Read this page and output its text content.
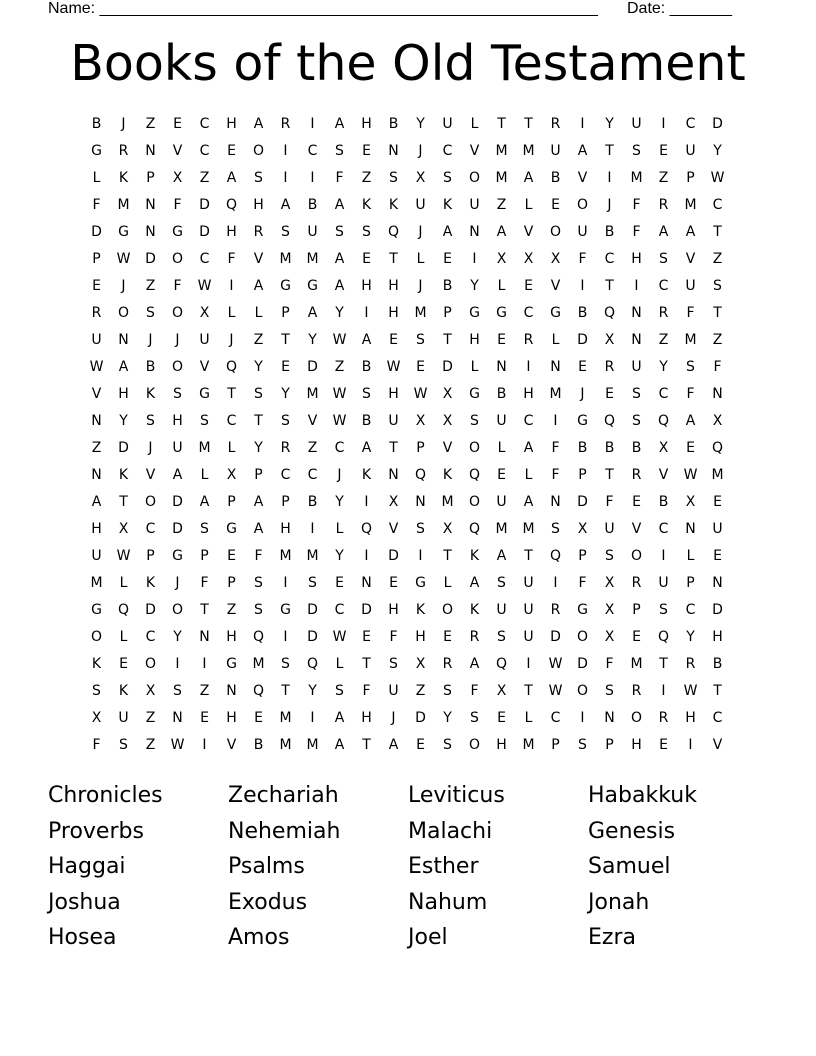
Name: ________________________________________________________

Date: _______

Books of the Old Testament
B	J	Z	E	C	H	A	R	I	A	H	B	Y	U	L	T	T	R	I	Y	U	I	C	D
G	R	N	V	C	E	O	I	C	S	E	N	J	C	V	M	M	U	A	T	S	E	U	Y
L	K	P	X	Z	A	S	I	I	F	Z	S	X	S	O	M	A	B	V	I	M	Z	P	W
F	M	N	F	D	Q	H	A	B	A	K	K	U	K	U	Z	L	E	O	J	F	R	M	C
D	G	N	G	D	H	R	S	U	S	S	Q	J	A	N	A	V	O	U	B	F	A	A	T
P	W	D	O	C	F	V	M	M	A	E	T	L	E	I	X	X	X	F	C	H	S	V	Z
E	J	Z	F	W	I	A	G	G	A	H	H	J	B	Y	L	E	V	I	T	I	C	U	S
R	O	S	O	X	L	L	P	A	Y	I	H	M	P	G	G	C	G	B	Q	N	R	F	T
U	N	J	J	U	J	Z	T	Y	W	A	E	S	T	H	E	R	L	D	X	N	Z	M	Z
W	A	B	O	V	Q	Y	E	D	Z	B	W	E	D	L	N	I	N	E	R	U	Y	S	F
V	H	K	S	G	T	S	Y	M	W	S	H	W	X	G	B	H	M	J	E	S	C	F	N
N	Y	S	H	S	C	T	S	V	W	B	U	X	X	S	U	C	I	G	Q	S	Q	A	X
Z	D	J	U	M	L	Y	R	Z	C	A	T	P	V	O	L	A	F	B	B	B	X	E	Q
N	K	V	A	L	X	P	C	C	J	K	N	Q	K	Q	E	L	F	P	T	R	V	W	M
A	T	O	D	A	P	A	P	B	Y	I	X	N	M	O	U	A	N	D	F	E	B	X	E
H	X	C	D	S	G	A	H	I	L	Q	V	S	X	Q	M	M	S	X	U	V	C	N	U
U	W	P	G	P	E	F	M	M	Y	I	D	I	T	K	A	T	Q	P	S	O	I	L	E
M	L	K	J	F	P	S	I	S	E	N	E	G	L	A	S	U	I	F	X	R	U	P	N
G	Q	D	O	T	Z	S	G	D	C	D	H	K	O	K	U	U	R	G	X	P	S	C	D
O	L	C	Y	N	H	Q	I	D	W	E	F	H	E	R	S	U	D	O	X	E	Q	Y	H
K	E	O	I	I	G	M	S	Q	L	T	S	X	R	A	Q	I	W	D	F	M	T	R	B
S	K	X	S	Z	N	Q	T	Y	S	F	U	Z	S	F	X	T	W	O	S	R	I	W	T
X	U	Z	N	E	H	E	M	I	A	H	J	D	Y	S	E	L	C	I	N	O	R	H	C
F	S	Z	W	I	V	B	M	M	A	T	A	E	S	O	H	M	P	S	P	H	E	I	V
Chronicles	Zechariah	Leviticus	Habakkuk
Proverbs	Nehemiah	Malachi	Genesis
Haggai	Psalms	Esther	Samuel
Joshua	Exodus	Nahum	Jonah
Hosea	Amos	Joel	Ezra
